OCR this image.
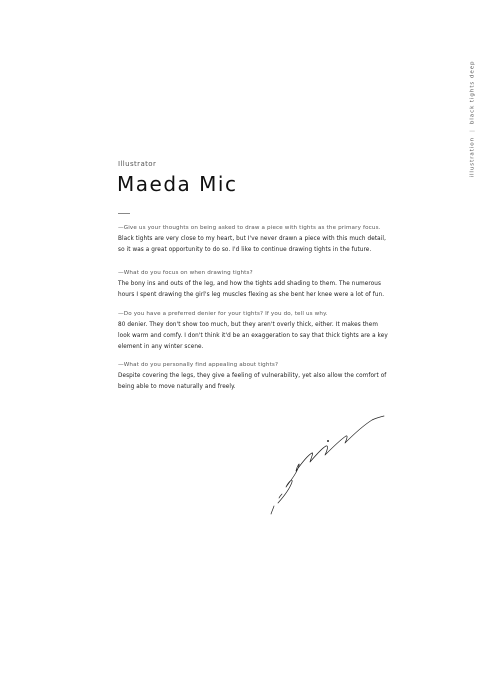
illustration|black tights deep
Illustrator
Maeda Mic
—Give us your thoughts on being asked to draw a piece with tights as the primary focus.
Black tights are very close to my heart, but I've never drawn a piece with this much detail,
so it was a great opportunity to do so. I'd like to continue drawing tights in the future.
—What do you focus on when drawing tights?
The bony ins and outs of the leg, and how the tights add shading to them. The numerous
hours I spent drawing the girl's leg muscles flexing as she bent her knee were a lot of fun.
—Do you have a preferred denier for your tights? If you do, tell us why.
80 denier. They don't show too much, but they aren't overly thick, either. It makes them
look warm and comfy. I don't think it'd be an exaggeration to say that thick tights are a key
element in any winter scene.
—What do you personally find appealing about tights?
Despite covering the legs, they give a feeling of vulnerability, yet also allow the comfort of
being able to move naturally and freely.
